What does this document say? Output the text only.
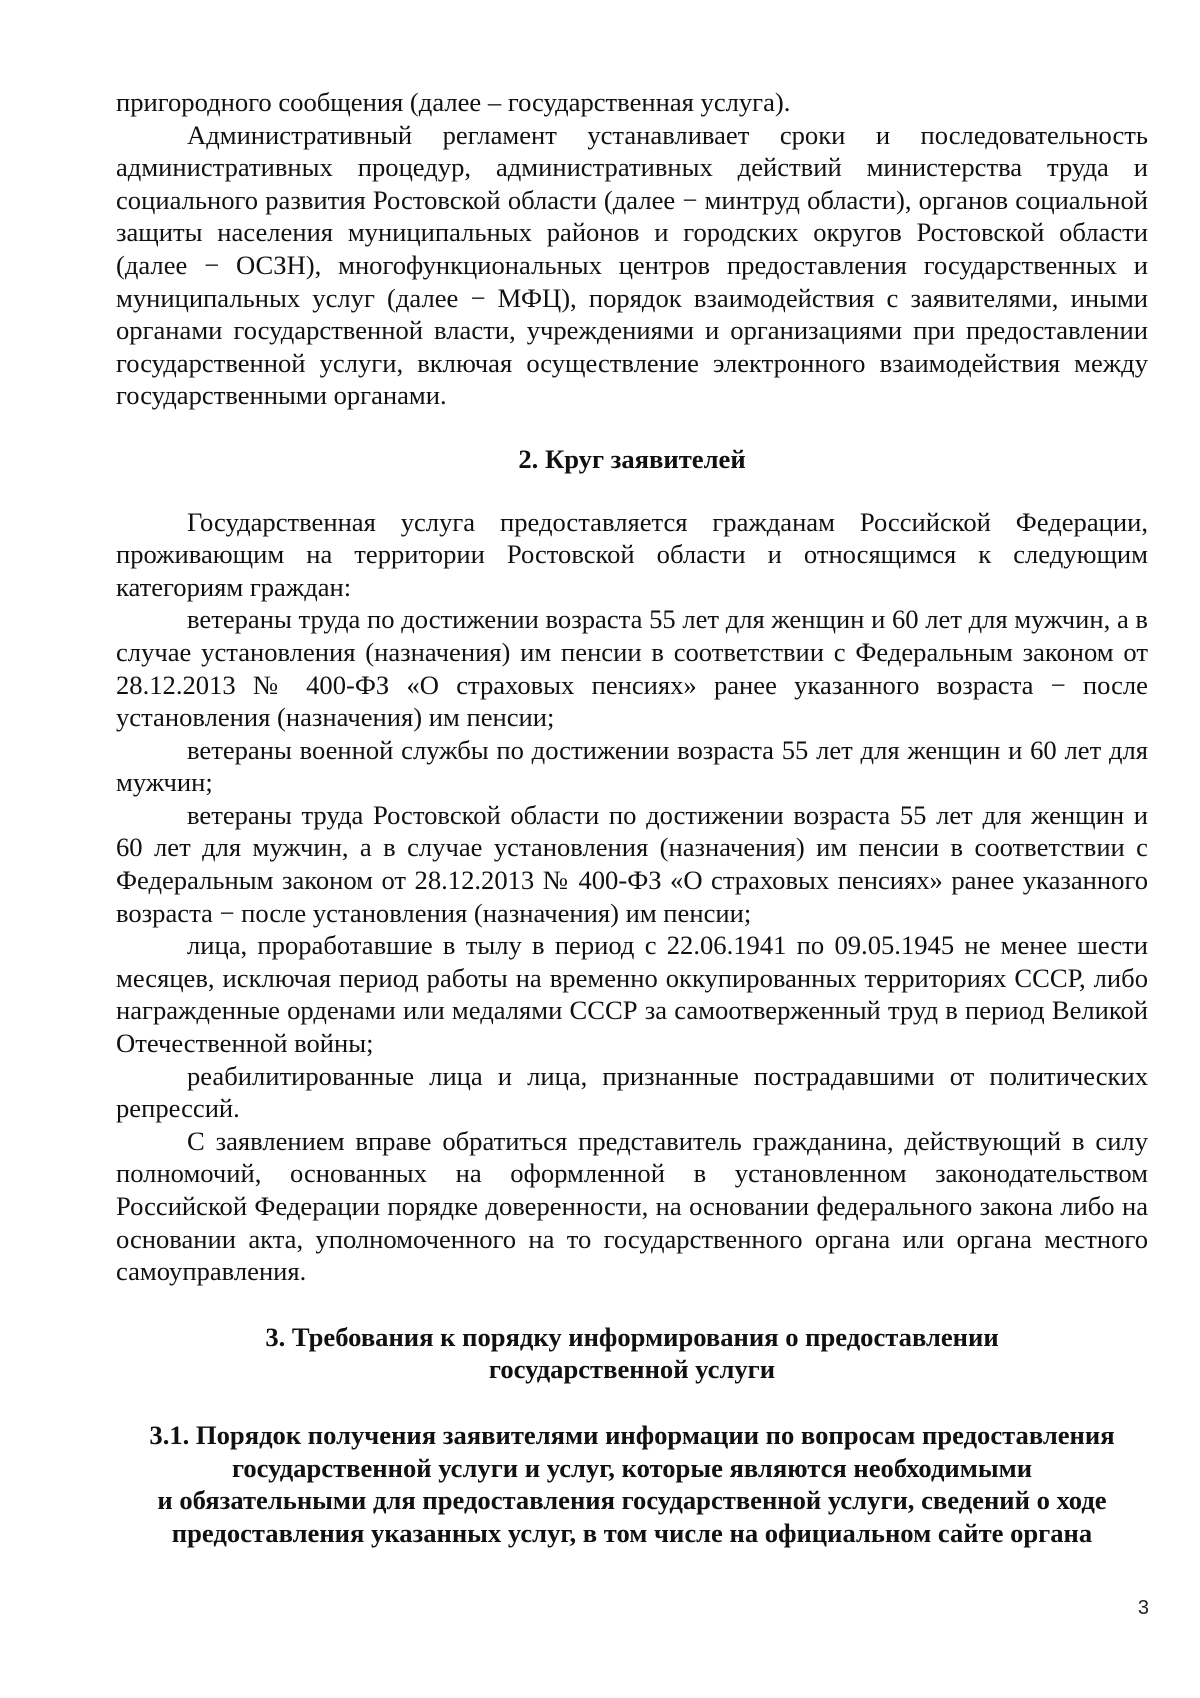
пригородного сообщения (далее – государственная услуга).

Административный регламент устанавливает сроки и последовательность административных процедур, административных действий министерства труда и социального развития Ростовской области (далее − минтруд области), органов социальной защиты населения муниципальных районов и городских округов Ростовской области (далее − ОСЗН), многофункциональных центров предоставления государственных и муниципальных услуг (далее − МФЦ), порядок взаимодействия с заявителями, иными органами государственной власти, учреждениями и организациями при предоставлении государственной услуги, включая осуществление электронного взаимодействия между государственными органами.

2. Круг заявителей

Государственная услуга предоставляется гражданам Российской Федерации, проживающим на территории Ростовской области и относящимся к следующим категориям граждан:

ветераны труда по достижении возраста 55 лет для женщин и 60 лет для мужчин, а в случае установления (назначения) им пенсии в соответствии с Федеральным законом от 28.12.2013 № 400-ФЗ «О страховых пенсиях» ранее указанного возраста − после установления (назначения) им пенсии;

ветераны военной службы по достижении возраста 55 лет для женщин и 60 лет для мужчин;

ветераны труда Ростовской области по достижении возраста 55 лет для женщин и 60 лет для мужчин, а в случае установления (назначения) им пенсии в соответствии с Федеральным законом от 28.12.2013 № 400-ФЗ «О страховых пенсиях» ранее указанного возраста − после установления (назначения) им пенсии;

лица, проработавшие в тылу в период с 22.06.1941 по 09.05.1945 не менее шести месяцев, исключая период работы на временно оккупированных территориях СССР, либо награжденные орденами или медалями СССР за самоотверженный труд в период Великой Отечественной войны;

реабилитированные лица и лица, признанные пострадавшими от политических репрессий.

С заявлением вправе обратиться представитель гражданина, действующий в силу полномочий, основанных на оформленной в установленном законодательством Российской Федерации порядке доверенности, на основании федерального закона либо на основании акта, уполномоченного на то государственного органа или органа местного самоуправления.

3. Требования к порядку информирования о предоставлении
государственной услуги
3.1. Порядок получения заявителями информации по вопросам предоставления
государственной услуги и услуг, которые являются необходимыми
и обязательными для предоставления государственной услуги, сведений о ходе
предоставления указанных услуг, в том числе на официальном сайте органа
3
